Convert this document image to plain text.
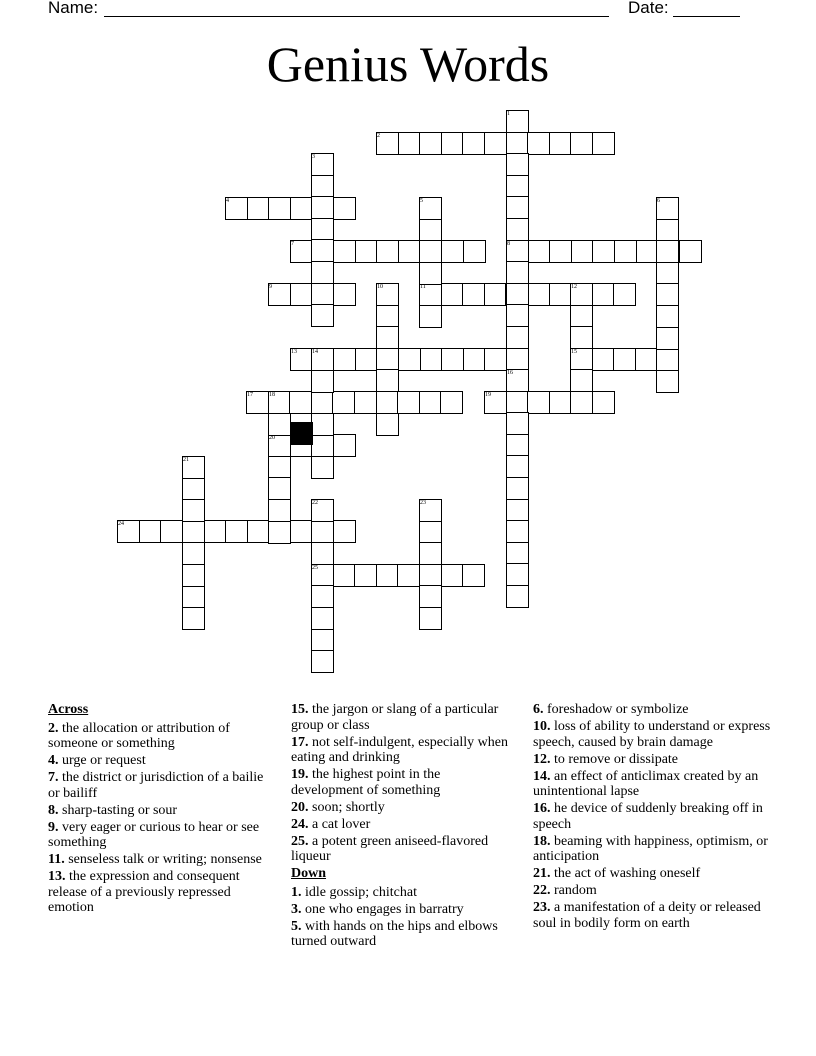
Name:	Date:
Genius Words
1
2
3
4	5	6
7	8
9	10	11	12
13	14	15
16
17	18	19
20
21
22	23
24
25
Across
2. the allocation or attribution of someone or something
4. urge or request
7. the district or jurisdiction of a bailie or bailiff
8. sharp-tasting or sour
9. very eager or curious to hear or see something
11. senseless talk or writing; nonsense
13. the expression and consequent release of a previously repressed emotion
15. the jargon or slang of a particular group or class
17. not self-indulgent, especially when eating and drinking
19. the highest point in the development of something
20. soon; shortly
24. a cat lover
25. a potent green aniseed-flavored liqueur
Down
1. idle gossip; chitchat
3. one who engages in barratry
5. with hands on the hips and elbows turned outward
6. foreshadow or symbolize
10. loss of ability to understand or express speech, caused by brain damage
12. to remove or dissipate
14. an effect of anticlimax created by an unintentional lapse
16. he device of suddenly breaking off in speech
18. beaming with happiness, optimism, or anticipation
21. the act of washing oneself
22. random
23. a manifestation of a deity or released soul in bodily form on earth
